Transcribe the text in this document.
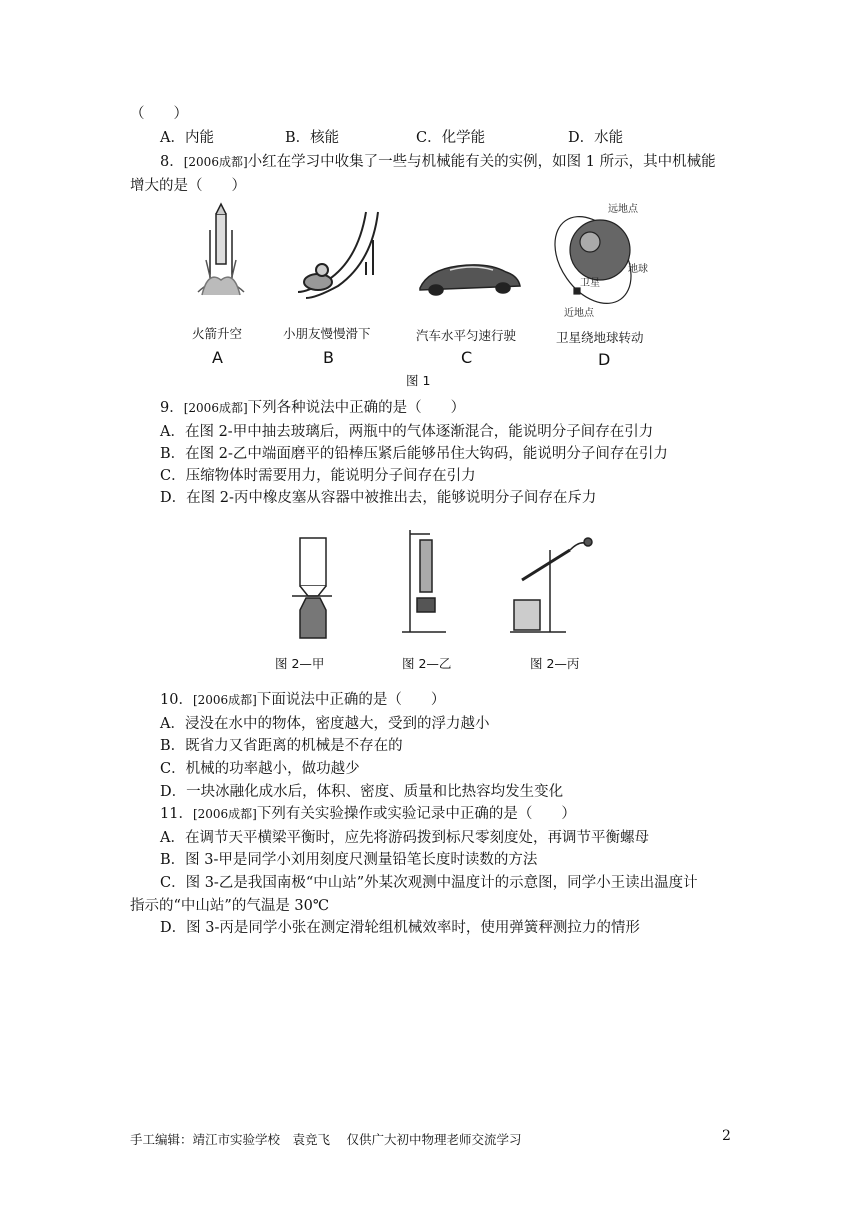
（　　）
A．内能	B．核能	C．化学能	D．水能
8．[2006成都]小红在学习中收集了一些与机械能有关的实例，如图 1 所示，其中机械能
增大的是（　　）
远地点
地球
卫星
近地点
火箭升空	小朋友慢慢滑下	汽车水平匀速行驶	卫星绕地球转动
A	B	C	D
图 1
9．[2006成都]下列各种说法中正确的是（　　）
A．在图 2-甲中抽去玻璃后，两瓶中的气体逐渐混合，能说明分子间存在引力
B．在图 2-乙中端面磨平的铅棒压紧后能够吊住大钩码，能说明分子间存在引力
C．压缩物体时需要用力，能说明分子间存在引力
D．在图 2-丙中橡皮塞从容器中被推出去，能够说明分子间存在斥力
图 2—甲	图 2—乙	图 2—丙
10．[2006成都]下面说法中正确的是（　　）
A．浸没在水中的物体，密度越大，受到的浮力越小
B．既省力又省距离的机械是不存在的
C．机械的功率越小，做功越少
D．一块冰融化成水后，体积、密度、质量和比热容均发生变化
11．[2006成都]下列有关实验操作或实验记录中正确的是（　　）
A．在调节天平横梁平衡时，应先将游码拨到标尺零刻度处，再调节平衡螺母
B．图 3-甲是同学小刘用刻度尺测量铅笔长度时读数的方法
C．图 3-乙是我国南极“中山站”外某次观测中温度计的示意图，同学小王读出温度计
指示的“中山站”的气温是 30℃
D．图 3-丙是同学小张在测定滑轮组机械效率时，使用弹簧秤测拉力的情形
手工编辑：靖江市实验学校　袁竞飞　 仅供广大初中物理老师交流学习	2
